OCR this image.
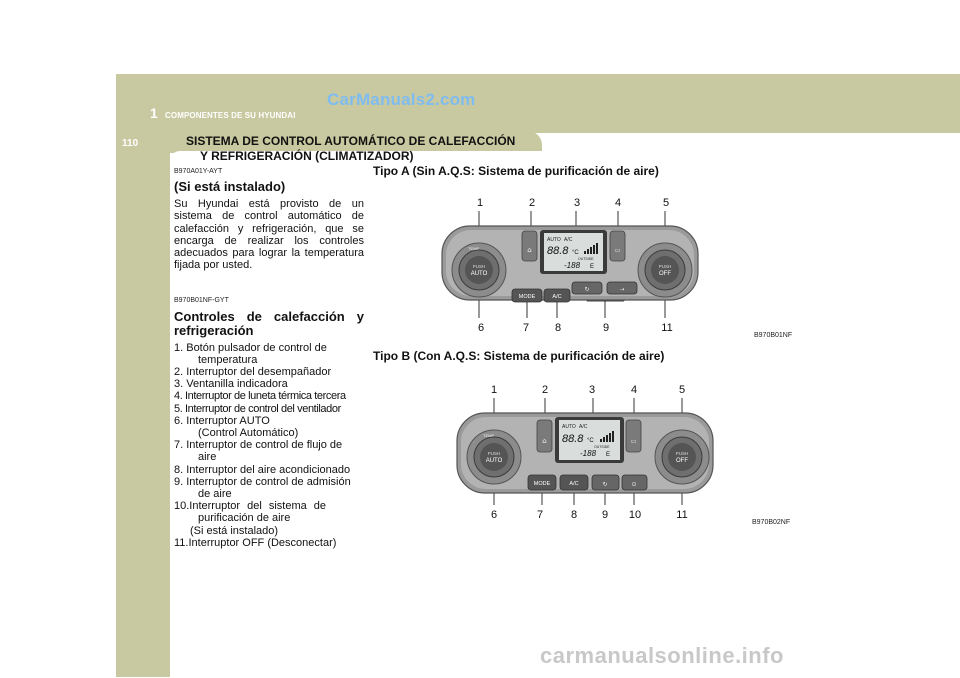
CarManuals2.com
1 COMPONENTES DE SU HYUNDAI
110	SISTEMA DE CONTROL AUTOMÁTICO DE CALEFACCIÓN
Y REFRIGERACIÓN (CLIMATIZADOR)

B970A01Y-AYT

(Si está instalado)

Su Hyundai está provisto de un sistema de control automático de calefacción y refrigeración, que se encarga de realizar los controles adecuados para lograr la temperatura fijada por usted.

B970B01NF-GYT

Controles de calefacción y refrigeración

1. Botón pulsador de control de
temperatura
2. Interruptor del desempañador
3. Ventanilla indicadora
4. Interruptor de luneta térmica tercera
5. Interruptor de control del ventilador
6. Interruptor AUTO
(Control Automático)
7. Interruptor de control de flujo de
aire
8. Interruptor del aire acondicionado
9. Interruptor de control de admisión
de aire
10.Interruptor del sistema de
purificación de aire
(Si está instalado)
11.Interruptor OFF (Desconectar)
Tipo A (Sin A.Q.S: Sistema de purificación de aire)
B970B01NF
1	2	3	4	5
6	7	8	9	11
PUSH
AUTO
TEMP
PUSH
OFF
⌂	▭
AUTO A/C
88.8 °C
OUTSIDE
-188 E
MODE	A/C
↻	⇢
Tipo B (Con A.Q.S: Sistema de purificación de aire)
B970B02NF
1	2	3	4	5
6	7	8	9	10	11
PUSH
AUTO
TEMP
PUSH
OFF
⌂	▭
AUTO A/C
88.8 °C
OUTSIDE
-188 E
MODE	A/C	↻	⊙
carmanualsonline.info
